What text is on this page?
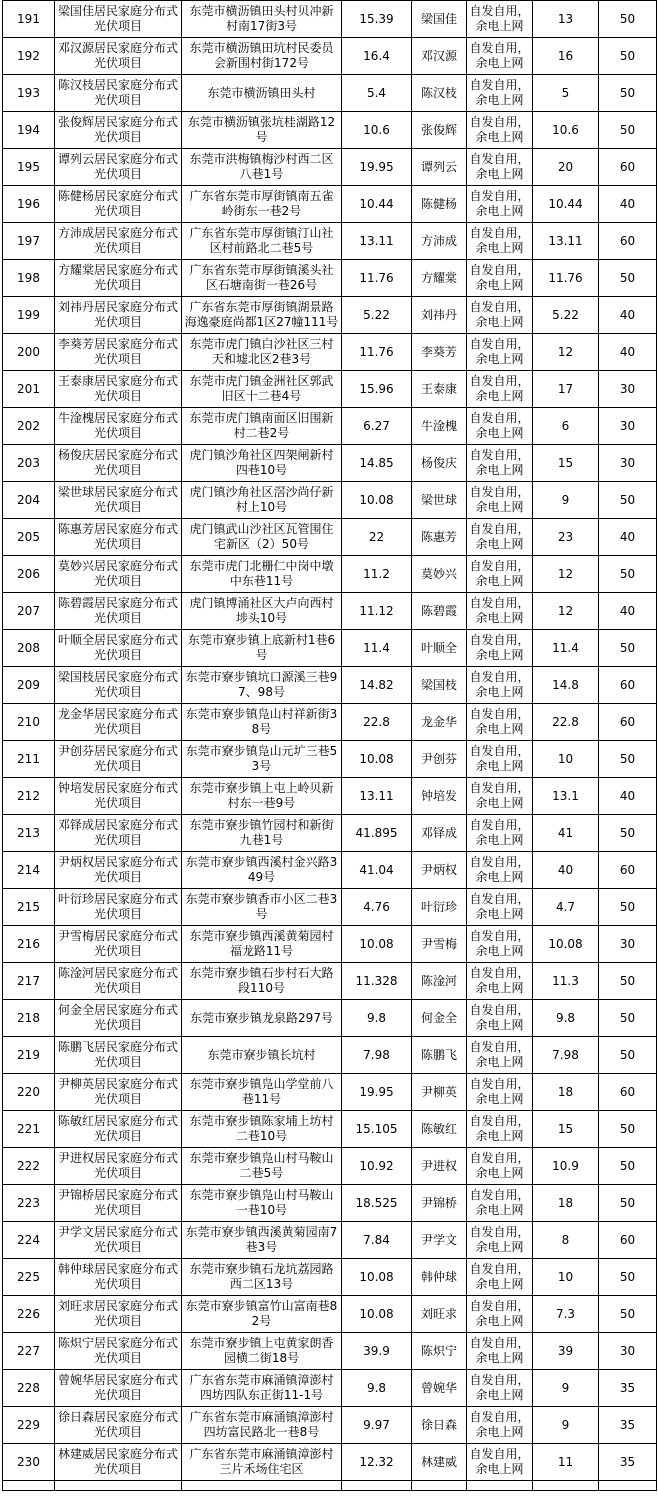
191	梁国佳居民家庭分布式光伏项目	东莞市横沥镇田头村贝冲新村南17街3号	15.39	梁国佳	自发自用，余电上网	13	50
192	邓汉源居民家庭分布式光伏项目	东莞市横沥镇田坑村民委员会新围村街172号	16.4	邓汉源	自发自用，余电上网	16	50
193	陈汉枝居民家庭分布式光伏项目	东莞市横沥镇田头村	5.4	陈汉枝	自发自用，余电上网	5	50
194	张俊辉居民家庭分布式光伏项目	东莞市横沥镇张坑桂湖路12号	10.6	张俊辉	自发自用，余电上网	10.6	50
195	谭列云居民家庭分布式光伏项目	东莞市洪梅镇梅沙村西二区八巷1号	19.95	谭列云	自发自用，余电上网	20	60
196	陈健杨居民家庭分布式光伏项目	广东省东莞市厚街镇南五雀岭街东一巷2号	10.44	陈健杨	自发自用，余电上网	10.44	40
197	方沛成居民家庭分布式光伏项目	广东省东莞市厚街镇汀山社区村前路北二巷5号	13.11	方沛成	自发自用，余电上网	13.11	60
198	方耀棠居民家庭分布式光伏项目	广东省东莞市厚街镇溪头社区石塘南街一巷26号	11.76	方耀棠	自发自用，余电上网	11.76	50
199	刘祎丹居民家庭分布式光伏项目	广东省东莞市厚街镇湖景路海逸豪庭尚都1区27幢111号	5.22	刘祎丹	自发自用，余电上网	5.22	40
200	李葵芳居民家庭分布式光伏项目	东莞市虎门镇白沙社区三村天和墟北区2巷3号	11.76	李葵芳	自发自用，余电上网	12	40
201	王泰康居民家庭分布式光伏项目	东莞市虎门镇金洲社区郭武旧区十二巷4号	15.96	王泰康	自发自用，余电上网	17	30
202	牛淦槐居民家庭分布式光伏项目	东莞市虎门镇南面区旧围新村二巷2号	6.27	牛淦槐	自发自用，余电上网	6	30
203	杨俊庆居民家庭分布式光伏项目	虎门镇沙角社区四架闸新村四巷10号	14.85	杨俊庆	自发自用，余电上网	15	30
204	梁世球居民家庭分布式光伏项目	虎门镇沙角社区滘沙尚仔新村上10号	10.08	梁世球	自发自用，余电上网	9	50
205	陈惠芳居民家庭分布式光伏项目	虎门镇武山沙社区瓦管围住宅新区（2）50号	22	陈惠芳	自发自用，余电上网	23	40
206	莫妙兴居民家庭分布式光伏项目	东莞市虎门北栅仁中岗中墩中东巷11号	11.2	莫妙兴	自发自用，余电上网	12	50
207	陈碧霞居民家庭分布式光伏项目	虎门镇博涌社区大卢向西村埗头10号	11.12	陈碧霞	自发自用，余电上网	12	40
208	叶顺全居民家庭分布式光伏项目	东莞市寮步镇上底新村1巷6号	11.4	叶顺全	自发自用，余电上网	11.4	50
209	梁国枝居民家庭分布式光伏项目	东莞市寮步镇坑口源溪三巷97、98号	14.82	梁国枝	自发自用，余电上网	14.8	60
210	龙金华居民家庭分布式光伏项目	东莞市寮步镇凫山村祥新街38号	22.8	龙金华	自发自用，余电上网	22.8	60
211	尹创芬居民家庭分布式光伏项目	东莞市寮步镇凫山元圹三巷53号	10.08	尹创芬	自发自用，余电上网	10	50
212	钟培发居民家庭分布式光伏项目	东莞市寮步镇上屯上岭贝新村东一巷9号	13.11	钟培发	自发自用，余电上网	13.1	40
213	邓铎成居民家庭分布式光伏项目	东莞市寮步镇竹园村和新街九巷1号	41.895	邓铎成	自发自用，余电上网	41	50
214	尹炳权居民家庭分布式光伏项目	东莞市寮步镇西溪村金兴路349号	41.04	尹炳权	自发自用，余电上网	40	60
215	叶衍珍居民家庭分布式光伏项目	东莞市寮步镇香市小区二巷3号	4.76	叶衍珍	自发自用，余电上网	4.7	50
216	尹雪梅居民家庭分布式光伏项目	东莞市寮步镇西溪黄菊园村福龙路11号	10.08	尹雪梅	自发自用，余电上网	10.08	30
217	陈淦河居民家庭分布式光伏项目	东莞市寮步镇石步村石大路段110号	11.328	陈淦河	自发自用，余电上网	11.3	50
218	何金全居民家庭分布式光伏项目	东莞市寮步镇龙泉路297号	9.8	何金全	自发自用，余电上网	9.8	50
219	陈鹏飞居民家庭分布式光伏项目	东莞市寮步镇长坑村	7.98	陈鹏飞	自发自用，余电上网	7.98	50
220	尹柳英居民家庭分布式光伏项目	东莞市寮步镇凫山学堂前八巷11号	19.95	尹柳英	自发自用，余电上网	18	60
221	陈敏红居民家庭分布式光伏项目	东莞市寮步镇陈家埔上坊村二巷10号	15.105	陈敏红	自发自用，余电上网	15	50
222	尹进权居民家庭分布式光伏项目	东莞市寮步镇凫山村马鞍山二巷5号	10.92	尹进权	自发自用，余电上网	10.9	50
223	尹锦桥居民家庭分布式光伏项目	东莞市寮步镇凫山村马鞍山一巷10号	18.525	尹锦桥	自发自用，余电上网	18	50
224	尹学文居民家庭分布式光伏项目	东莞市寮步镇西溪黄菊园南7巷3号	7.84	尹学文	自发自用，余电上网	8	60
225	韩仲球居民家庭分布式光伏项目	东莞市寮步镇石龙坑荔园路西二区13号	10.08	韩仲球	自发自用，余电上网	10	50
226	刘旺求居民家庭分布式光伏项目	东莞市寮步镇富竹山富南巷82号	10.08	刘旺求	自发自用，余电上网	7.3	50
227	陈炽宁居民家庭分布式光伏项目	东莞市寮步镇上屯黄家朗香园横二街18号	39.9	陈炽宁	自发自用，余电上网	39	30
228	曾婉华居民家庭分布式光伏项目	广东省东莞市麻涌镇漳澎村四坊四队东正街11-1号	9.8	曾婉华	自发自用，余电上网	9	35
229	徐日森居民家庭分布式光伏项目	广东省东莞市麻涌镇漳澎村四坊富民路北一巷8号	9.97	徐日森	自发自用，余电上网	9	35
230	林建威居民家庭分布式光伏项目	广东省东莞市麻涌镇漳澎村三片禾场住宅区	12.32	林建威	自发自用，余电上网	11	35
